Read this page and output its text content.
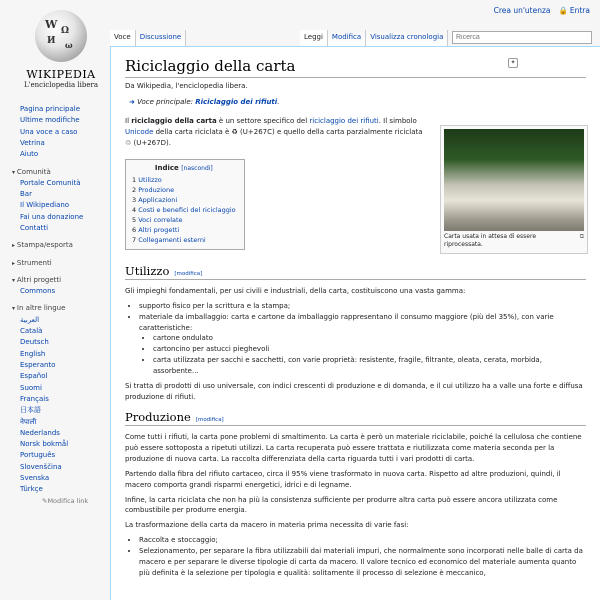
Crea un'utenza 🔒 Entra
W Ω
И ω
WIKIPEDIA
L'enciclopedia libera
Voce	Discussione	Leggi	Modifica	Visualizza cronologia
Ricerca
Pagina principale
Ultime modifiche
Una voce a caso
Vetrina
Aiuto
▾ Comunità
Portale Comunità
Bar
Il Wikipediano
Fai una donazione
Contatti
▸ Stampa/esporta
▸ Strumenti
▾ Altri progetti
Commons
▾ In altre lingue
العربية
Català
Deutsch
English
Esperanto
Español
Suomi
Français
日本語
नेपाली
Nederlands
Norsk bokmål
Português
Slovenščina
Svenska
Türkçe
✎Modifica link
Riciclaggio della carta
Da Wikipedia, l'enciclopedia libera.
➜ Voce principale: Riciclaggio dei rifiuti.

Il riciclaggio della carta è un settore specifico del riciclaggio dei rifiuti. Il simbolo Unicode della carta riciclata è ♻ (U+267C) e quello della carta parzialmente riciclata ♲ (U+267D).

Indice [nascondi]
1 Utilizzo
2 Produzione
3 Applicazioni
4 Costi e benefici del riciclaggio
5 Voci correlate
6 Altri progetti
7 Collegamenti esterni	Carta usata in attesa di essere riprocessata.
⧉
Utilizzo [modifica]

Gli impieghi fondamentali, per usi civili e industriali, della carta, costituiscono una vasta gamma:

• supporto fisico per la scrittura e la stampa;
• materiale da imballaggio: carta e cartone da imballaggio rappresentano il consumo maggiore (più del 35%), con varie caratteristiche:
• cartone ondulato
• cartoncino per astucci pieghevoli
• carta utilizzata per sacchi e sacchetti, con varie proprietà: resistente, fragile, filtrante, oleata, cerata, morbida, assorbente...

Si tratta di prodotti di uso universale, con indici crescenti di produzione e di domanda, e il cui utilizzo ha a valle una forte e diffusa produzione di rifiuti.

Produzione [modifica]

Come tutti i rifiuti, la carta pone problemi di smaltimento. La carta è però un materiale riciclabile, poiché la cellulosa che contiene può essere sottoposta a ripetuti utilizzi. La carta recuperata può essere trattata e riutilizzata come materia seconda per la produzione di nuova carta. La raccolta differenziata della carta riguarda tutti i vari prodotti di carta.

Partendo dalla fibra del rifiuto cartaceo, circa il 95% viene trasformato in nuova carta. Rispetto ad altre produzioni, quindi, il macero comporta grandi risparmi energetici, idrici e di legname.

Infine, la carta riciclata che non ha più la consistenza sufficiente per produrre altra carta può essere ancora utilizzata come combustibile per produrre energia.

La trasformazione della carta da macero in materia prima necessita di varie fasi:

• Raccolta e stoccaggio;
• Selezionamento, per separare la fibra utilizzabili dai materiali impuri, che normalmente sono incorporati nelle balle di carta da macero e per separare le diverse tipologie di carta da macero. Il valore tecnico ed economico del materiale aumenta quanto più definita è la selezione per tipologia e qualità: solitamente il processo di selezione è meccanico,
✦
